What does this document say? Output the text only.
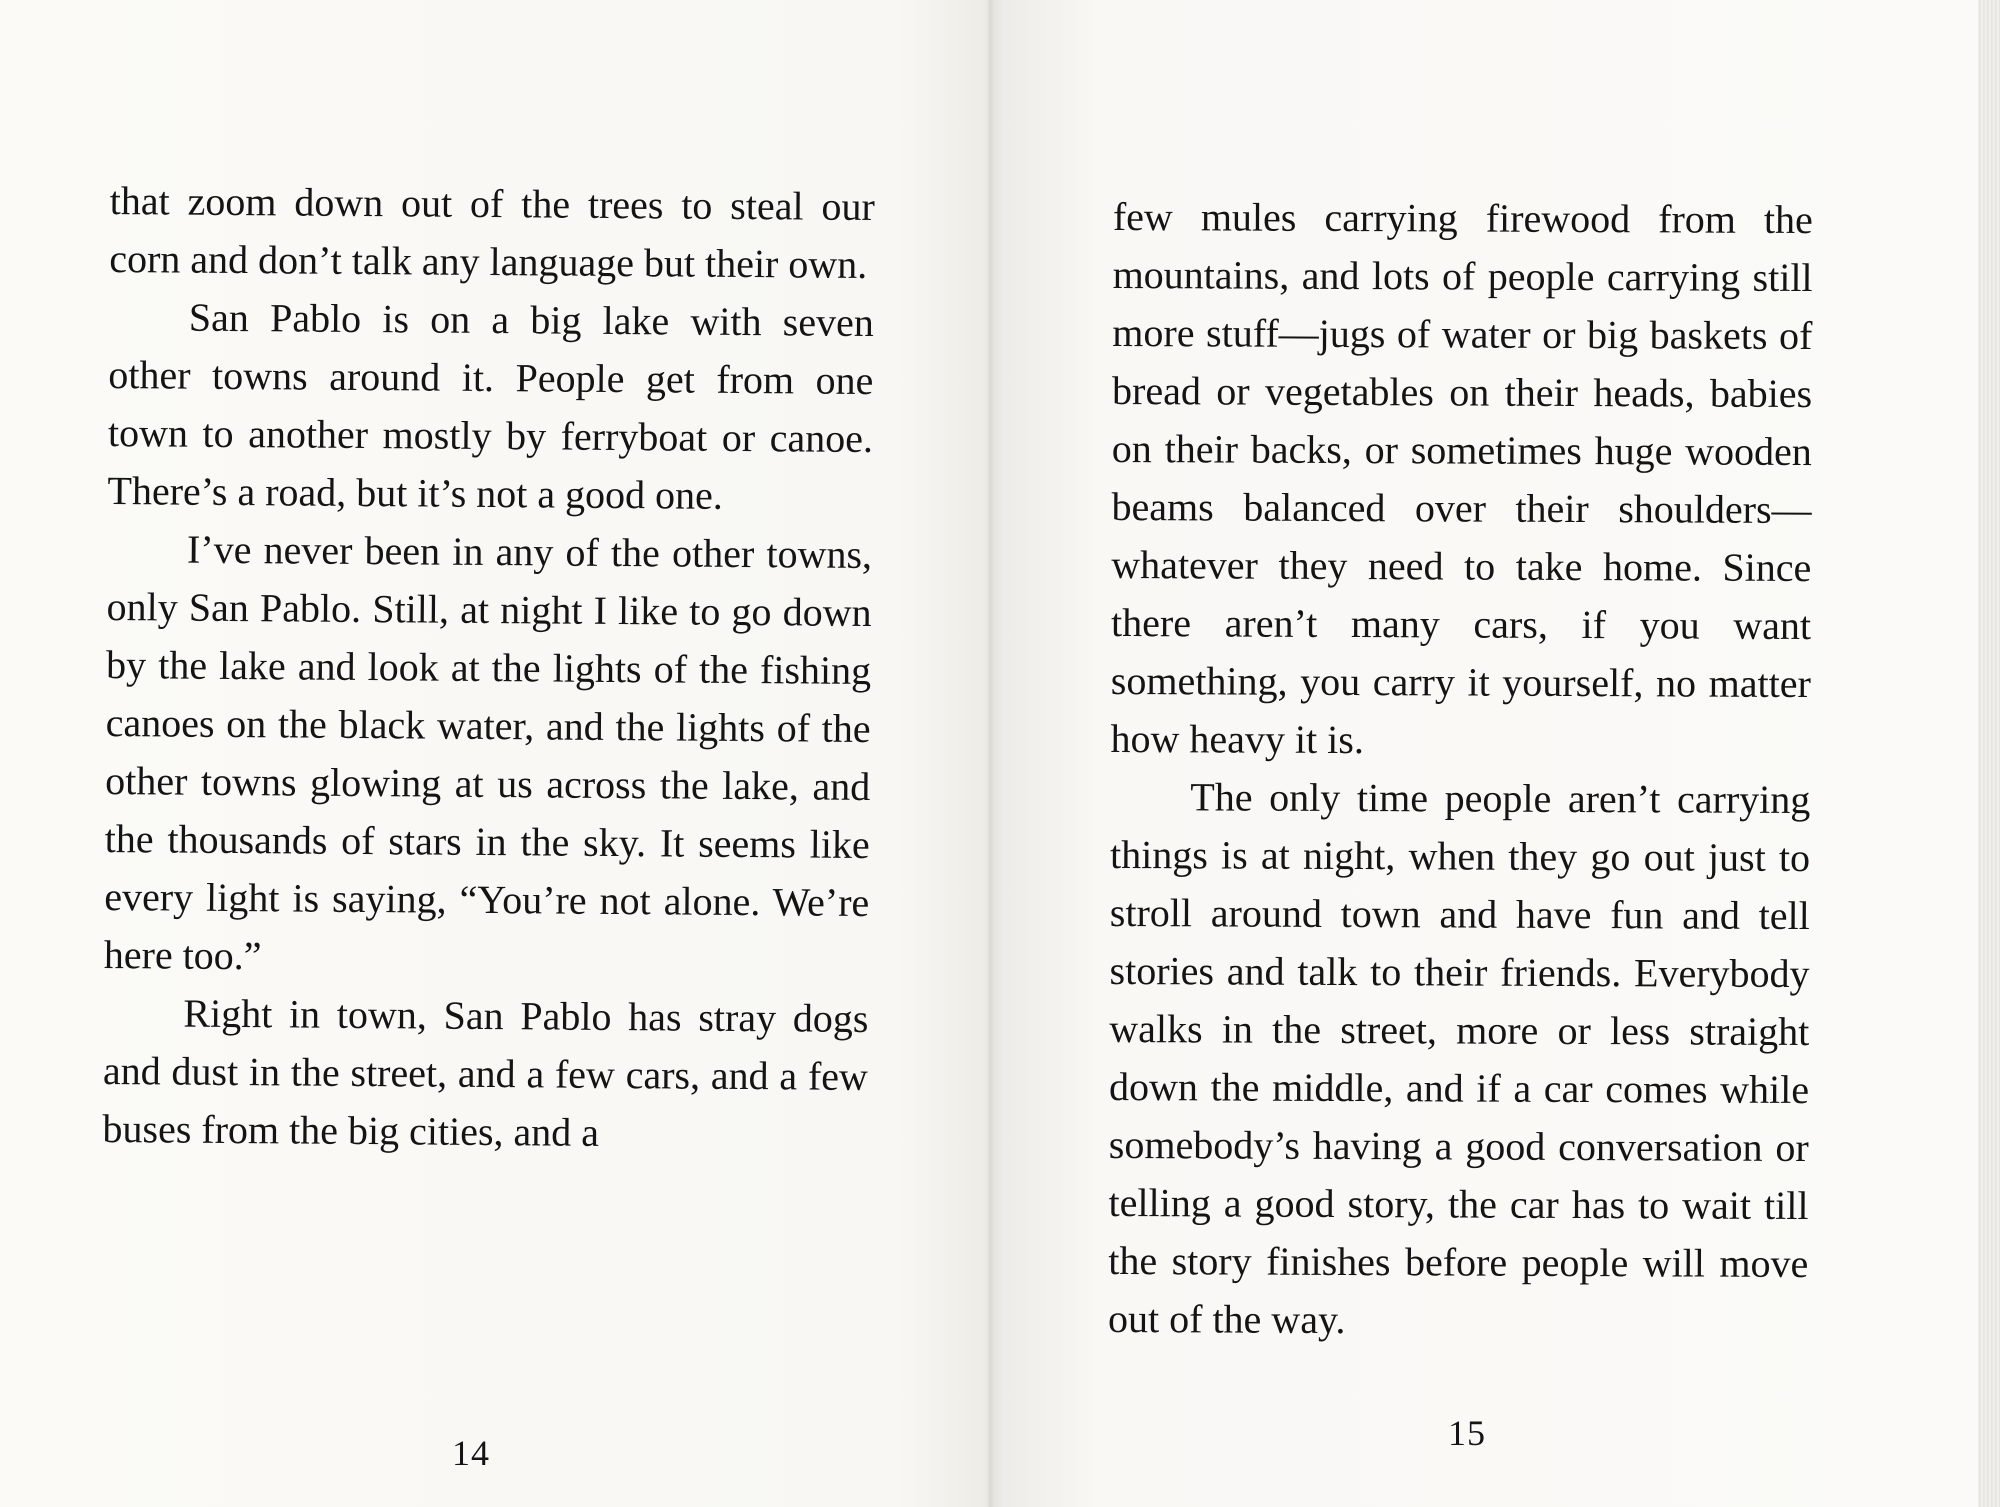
that zoom down out of the trees to steal our corn and don’t talk any language but their own.

San Pablo is on a big lake with seven other towns around it. People get from one town to another mostly by ferryboat or canoe. There’s a road, but it’s not a good one.

I’ve never been in any of the other towns, only San Pablo. Still, at night I like to go down by the lake and look at the lights of the fishing canoes on the black water, and the lights of the other towns glowing at us across the lake, and the thousands of stars in the sky. It seems like every light is saying, “You’re not alone. We’re here too.”

Right in town, San Pablo has stray dogs and dust in the street, and a few cars, and a few buses from the big cities, and a

14

few mules carrying firewood from the mountains, and lots of people carrying still more stuff—jugs of water or big baskets of bread or vegetables on their heads, babies on their backs, or sometimes huge wooden beams balanced over their shoulders—whatever they need to take home. Since there aren’t many cars, if you want something, you carry it yourself, no matter how heavy it is.

The only time people aren’t carrying things is at night, when they go out just to stroll around town and have fun and tell stories and talk to their friends. Everybody walks in the street, more or less straight down the middle, and if a car comes while somebody’s having a good conversation or telling a good story, the car has to wait till the story finishes before people will move out of the way.

15
